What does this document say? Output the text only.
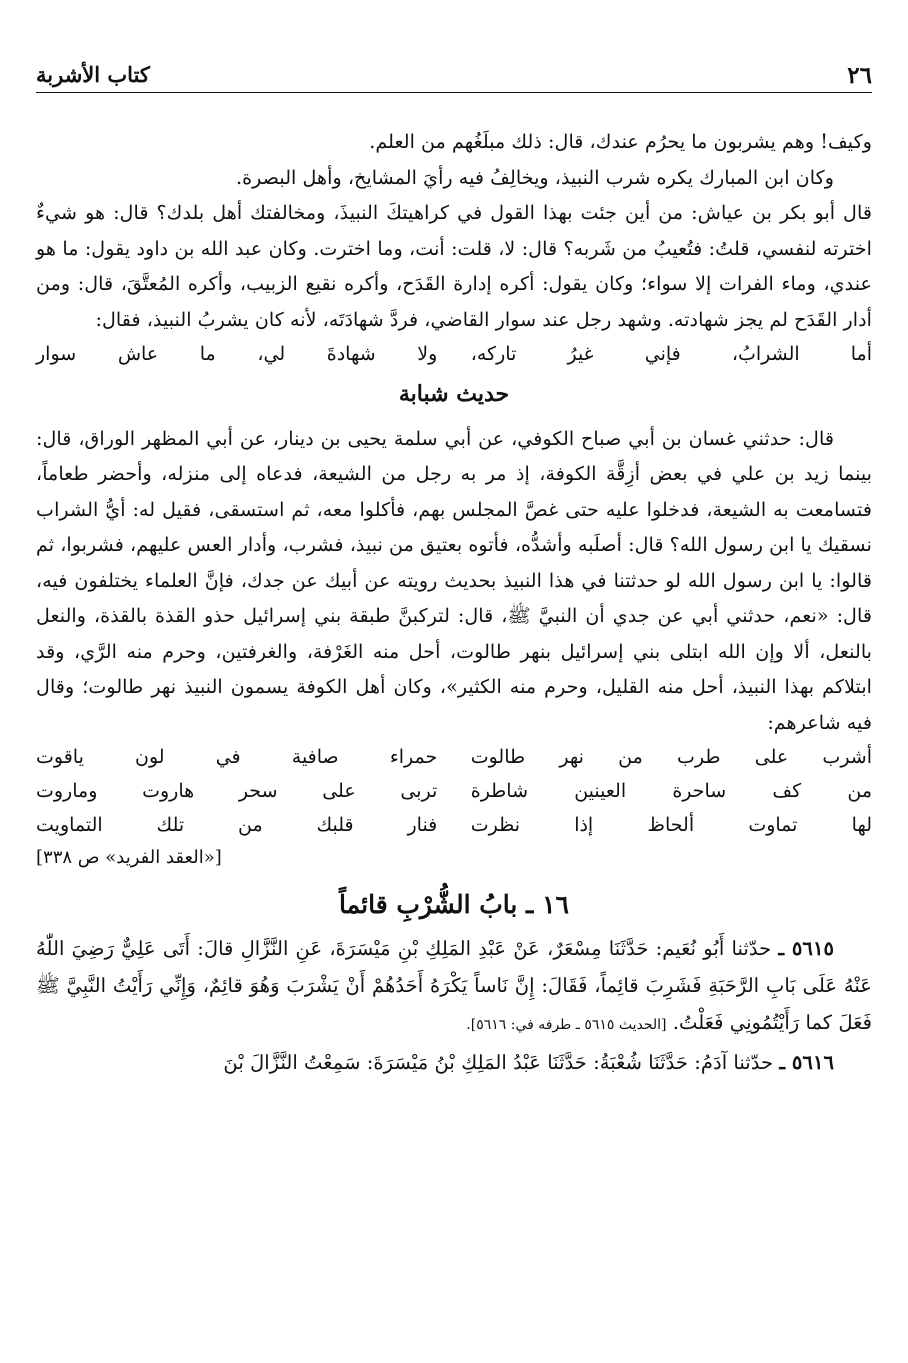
٢٦
كتاب الأشربة

وكيف! وهم يشربون ما يحرُم عندك، قال: ذلك مبلَغُهم من العلم.

وكان ابن المبارك يكره شرب النبيذ، ويخالِفُ فيه رأيَ المشايخ، وأهل البصرة.

قال أبو بكر بن عياش: من أين جئت بهذا القول في كراهيتكَ النبيذَ، ومخالفتك أهل بلدك؟ قال: هو شيءٌ اخترته لنفسي، قلتُ: فتُعيبُ من شَربه؟ قال: لا، قلت: أنت، وما اخترت. وكان عبد الله بن داود يقول: ما هو عندي، وماء الفرات إلا سواء؛ وكان يقول: أكره إدارة القَدَح، وأكره نقيع الزبيب، وأكره المُعتَّقَ، قال: ومن أدار القَدَح لم يجز شهادته. وشهد رجل عند سوار القاضي، فردَّ شهادَتَه، لأنه كان يشربُ النبيذ، فقال:

أما الشرابُ، فإني غيرُ تاركه،
ولا شهادةَ لي، ما عاش سوار
حديث شبابة

قال: حدثني غسان بن أبي صباح الكوفي، عن أبي سلمة يحيى بن دينار، عن أبي المظهر الوراق، قال: بينما زيد بن علي في بعض أزِقَّة الكوفة، إذ مر به رجل من الشيعة، فدعاه إلى منزله، وأحضر طعاماً، فتسامعت به الشيعة، فدخلوا عليه حتى غصَّ المجلس بهم، فأكلوا معه، ثم استسقى، فقيل له: أيُّ الشراب نسقيك يا ابن رسول الله؟ قال: أصلَبه وأشدُّه، فأتوه بعتيق من نبيذ، فشرب، وأدار العس عليهم، فشربوا، ثم قالوا: يا ابن رسول الله لو حدثتنا في هذا النبيذ بحديث رويته عن أبيك عن جدك، فإنَّ العلماء يختلفون فيه، قال: «نعم، حدثني أبي عن جدي أن النبيَّ ﷺ، قال: لتركبنَّ طبقة بني إسرائيل حذو القذة بالقذة، والنعل بالنعل، ألا وإن الله ابتلى بني إسرائيل بنهر طالوت، أحل منه الغَرْفة، والغرفتين، وحرم منه الرَّي، وقد ابتلاكم بهذا النبيذ، أحل منه القليل، وحرم منه الكثير»، وكان أهل الكوفة يسمون النبيذ نهر طالوت؛ وقال فيه شاعرهم:

أشرب على طرب من نهر طالوت
حمراء صافية في لون ياقوت
من كف ساحرة العينين شاطرة
تربى على سحر هاروت وماروت
لها تماوت ألحاظ إذا نظرت
فنار قلبك من تلك التماويت
[«العقد الفريد» ص ٣٣٨]
١٦ ـ بابُ الشُّرْبِ قائماً

٥٦١٥ ـ حدّثنا أَبُو نُعَيم: حَدَّثَنَا مِسْعَرٌ، عَنْ عَبْدِ المَلِكِ بْنِ مَيْسَرَةَ، عَنِ النَّزَّالِ قالَ: أَتَى عَلِيٌّ رَضِيَ اللّٰهُ عَنْهُ عَلَى بَابِ الرَّحَبَةِ فَشَرِبَ قائِماً، فَقَالَ: إِنَّ نَاساً يَكْرَهُ أَحَدُهُمْ أَنْ يَشْرَبَ وَهُوَ قائِمٌ، وَإِنِّي رَأَيْتُ النَّبِيَّ ﷺ فَعَلَ كما رَأَيْتُمُونِي فَعَلْتُ. [الحديث ٥٦١٥ ـ طرفه في: ٥٦١٦].

٥٦١٦ ـ حدّثنا آدَمُ: حَدَّثَنَا شُعْبَةُ: حَدَّثَنَا عَبْدُ المَلِكِ بْنُ مَيْسَرَةَ: سَمِعْتُ النَّزَّالَ بْنَ
